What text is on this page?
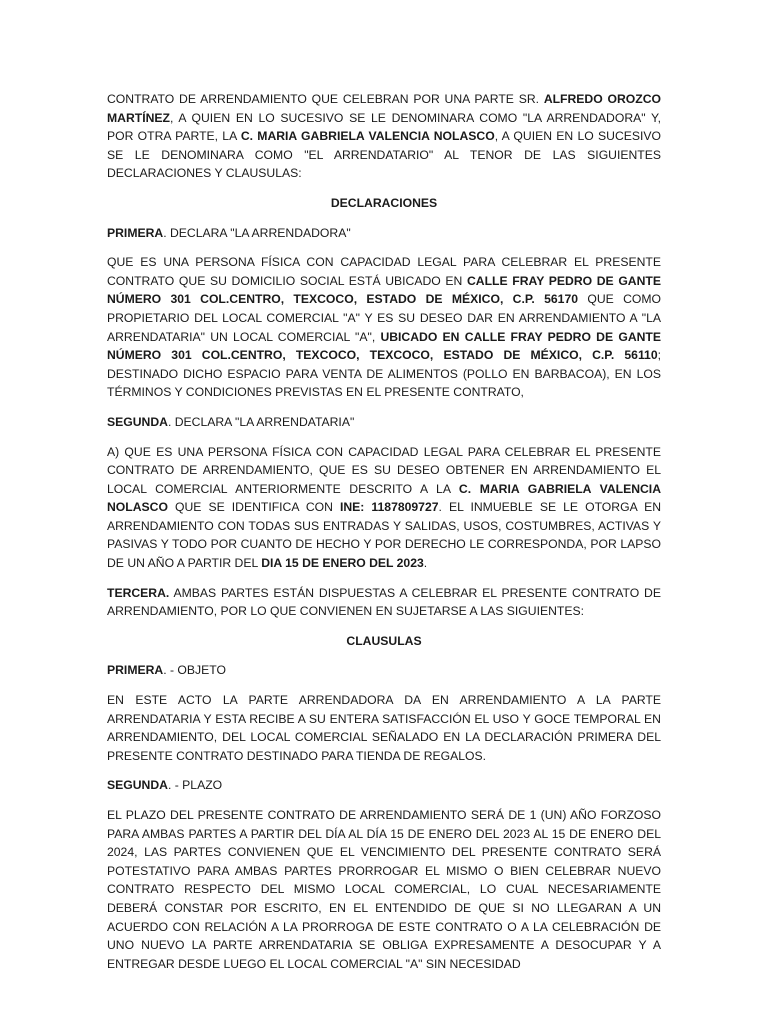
CONTRATO DE ARRENDAMIENTO QUE CELEBRAN POR UNA PARTE SR. ALFREDO OROZCO MARTÍNEZ, A QUIEN EN LO SUCESIVO SE LE DENOMINARA COMO "LA ARRENDADORA" Y, POR OTRA PARTE, LA C. MARIA GABRIELA VALENCIA NOLASCO, A QUIEN EN LO SUCESIVO SE LE DENOMINARA COMO "EL ARRENDATARIO" AL TENOR DE LAS SIGUIENTES DECLARACIONES Y CLAUSULAS:

DECLARACIONES

PRIMERA. DECLARA "LA ARRENDADORA"

QUE ES UNA PERSONA FÍSICA CON CAPACIDAD LEGAL PARA CELEBRAR EL PRESENTE CONTRATO QUE SU DOMICILIO SOCIAL ESTÁ UBICADO EN CALLE FRAY PEDRO DE GANTE NÚMERO 301 COL.CENTRO, TEXCOCO, ESTADO DE MÉXICO, C.P. 56170 QUE COMO PROPIETARIO DEL LOCAL COMERCIAL "A" Y ES SU DESEO DAR EN ARRENDAMIENTO A "LA ARRENDATARIA" UN LOCAL COMERCIAL "A", UBICADO EN CALLE FRAY PEDRO DE GANTE NÚMERO 301 COL.CENTRO, TEXCOCO, TEXCOCO, ESTADO DE MÉXICO, C.P. 56110; DESTINADO DICHO ESPACIO PARA VENTA DE ALIMENTOS (POLLO EN BARBACOA), EN LOS TÉRMINOS Y CONDICIONES PREVISTAS EN EL PRESENTE CONTRATO,

SEGUNDA. DECLARA "LA ARRENDATARIA"

A) QUE ES UNA PERSONA FÍSICA CON CAPACIDAD LEGAL PARA CELEBRAR EL PRESENTE CONTRATO DE ARRENDAMIENTO, QUE ES SU DESEO OBTENER EN ARRENDAMIENTO EL LOCAL COMERCIAL ANTERIORMENTE DESCRITO A LA C. MARIA GABRIELA VALENCIA NOLASCO QUE SE IDENTIFICA CON INE: 1187809727. EL INMUEBLE SE LE OTORGA EN ARRENDAMIENTO CON TODAS SUS ENTRADAS Y SALIDAS, USOS, COSTUMBRES, ACTIVAS Y PASIVAS Y TODO POR CUANTO DE HECHO Y POR DERECHO LE CORRESPONDA, POR LAPSO DE UN AÑO A PARTIR DEL DIA 15 DE ENERO DEL 2023.

TERCERA. AMBAS PARTES ESTÁN DISPUESTAS A CELEBRAR EL PRESENTE CONTRATO DE ARRENDAMIENTO, POR LO QUE CONVIENEN EN SUJETARSE A LAS SIGUIENTES:

CLAUSULAS

PRIMERA. - OBJETO

EN ESTE ACTO LA PARTE ARRENDADORA DA EN ARRENDAMIENTO A LA PARTE ARRENDATARIA Y ESTA RECIBE A SU ENTERA SATISFACCIÓN EL USO Y GOCE TEMPORAL EN ARRENDAMIENTO, DEL LOCAL COMERCIAL SEÑALADO EN LA DECLARACIÓN PRIMERA DEL PRESENTE CONTRATO DESTINADO PARA TIENDA DE REGALOS.

SEGUNDA. - PLAZO

EL PLAZO DEL PRESENTE CONTRATO DE ARRENDAMIENTO SERÁ DE 1 (UN) AÑO FORZOSO PARA AMBAS PARTES A PARTIR DEL DÍA AL DÍA 15 DE ENERO DEL 2023 AL 15 DE ENERO DEL 2024, LAS PARTES CONVIENEN QUE EL VENCIMIENTO DEL PRESENTE CONTRATO SERÁ POTESTATIVO PARA AMBAS PARTES PRORROGAR EL MISMO O BIEN CELEBRAR NUEVO CONTRATO RESPECTO DEL MISMO LOCAL COMERCIAL, LO CUAL NECESARIAMENTE DEBERÁ CONSTAR POR ESCRITO, EN EL ENTENDIDO DE QUE SI NO LLEGARAN A UN ACUERDO CON RELACIÓN A LA PRORROGA DE ESTE CONTRATO O A LA CELEBRACIÓN DE UNO NUEVO LA PARTE ARRENDATARIA SE OBLIGA EXPRESAMENTE A DESOCUPAR Y A ENTREGAR DESDE LUEGO EL LOCAL COMERCIAL "A" SIN NECESIDAD
